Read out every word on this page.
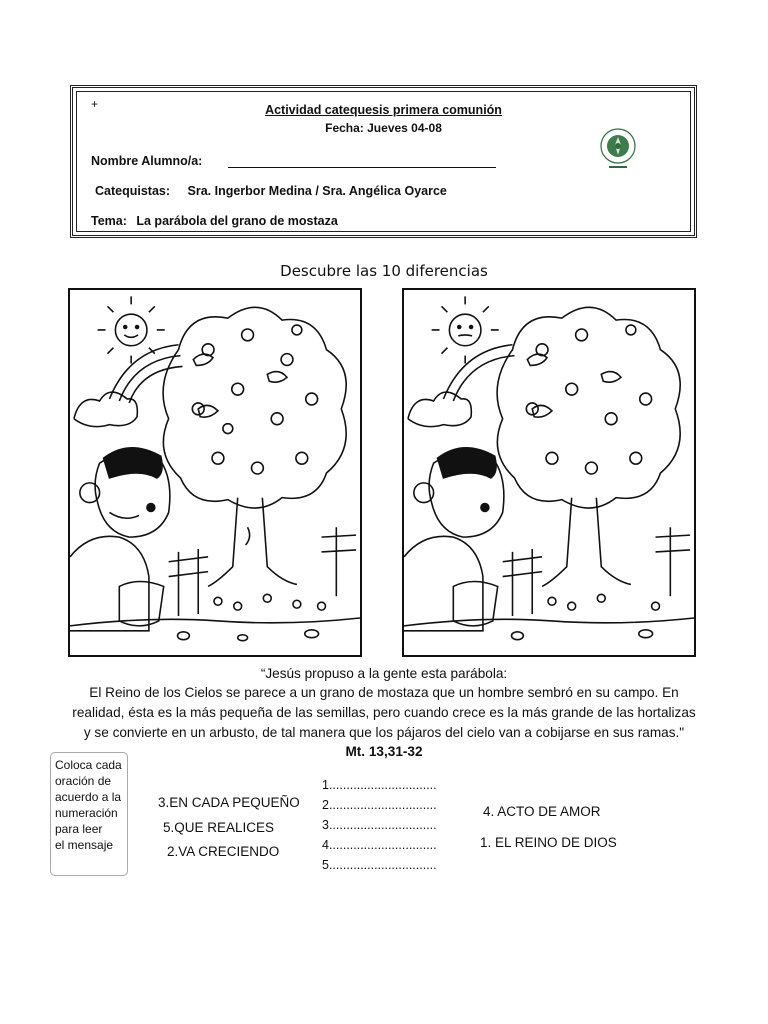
+	Actividad catequesis primera comunión
Fecha: Jueves 04-08
Nombre Alumno/a:
Catequistas: Sra. Ingerbor Medina / Sra. Angélica Oyarce
Tema: La parábola del grano de mostaza
Descubre las 10 diferencias
“Jesús propuso a la gente esta parábola:
El Reino de los Cielos se parece a un grano de mostaza que un hombre sembró en su campo. En
realidad, ésta es la más pequeña de las semillas, pero cuando crece es la más grande de las hortalizas
y se convierte en un arbusto, de tal manera que los pájaros del cielo van a cobijarse en sus ramas."
Mt. 13,31-32
Coloca cada
oración de
acuerdo a la
numeración
para leer
el mensaje
3.EN CADA PEQUEÑO
5.QUE REALICES
2.VA CRECIENDO
1...............................
2...............................
3...............................
4...............................
5...............................
4. ACTO DE AMOR
1. EL REINO DE DIOS
